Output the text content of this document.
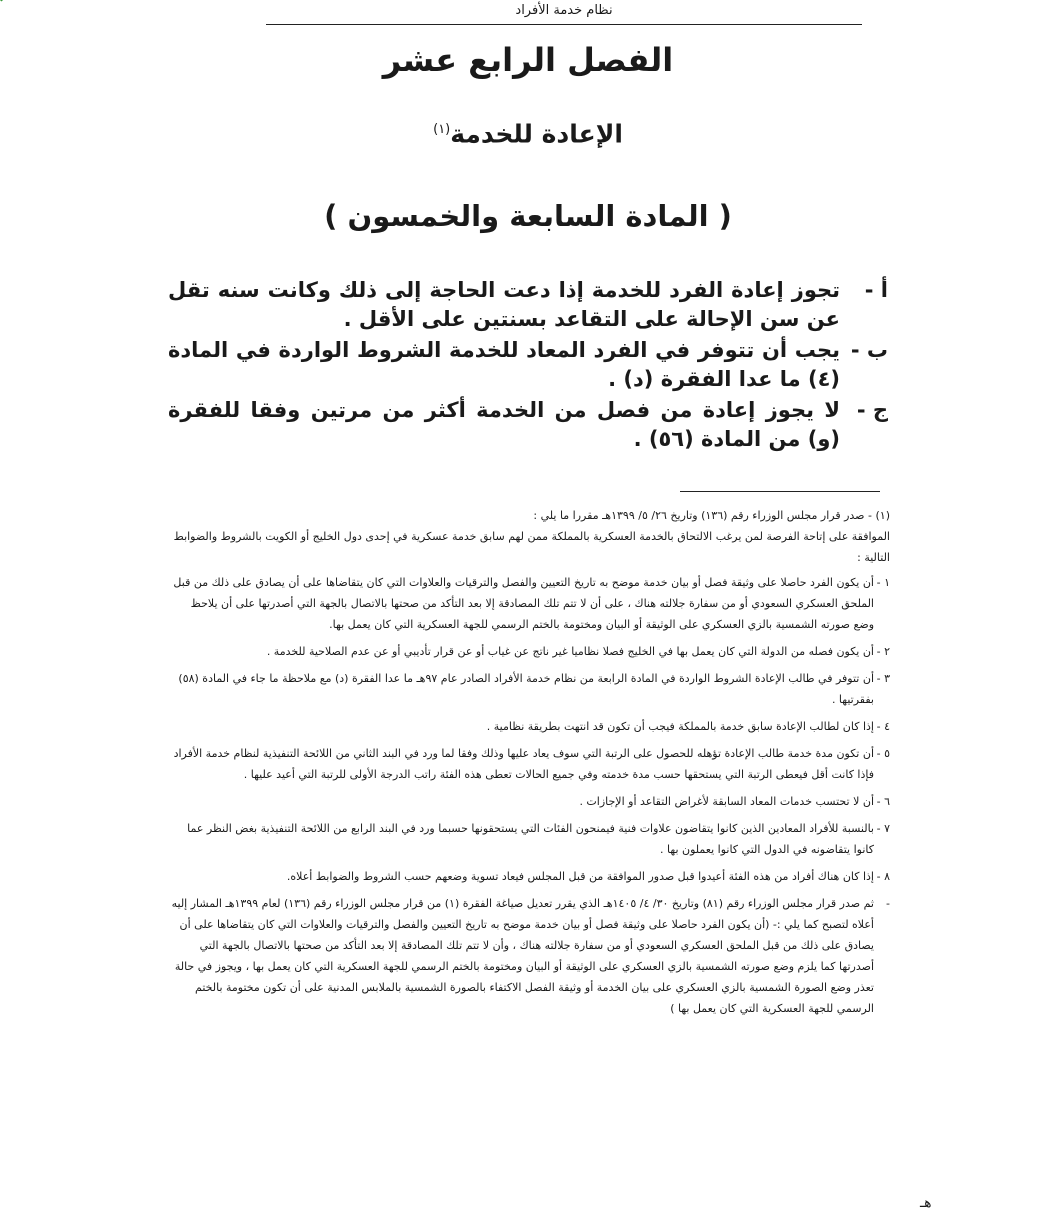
نظام خدمة الأفراد
الفصل الرابع عشر
الإعادة للخدمة$^{(١)}$
( المادة السابعة والخمسون )

أ -
تجوز إعادة الفرد للخدمة إذا دعت الحاجة إلى ذلك وكانت سنه تقل عن سن الإحالة على التقاعد بسنتين على الأقل .

ب -
يجب أن تتوفر في الفرد المعاد للخدمة الشروط الواردة في المادة (٤) ما عدا الفقرة (د) .

ج -
لا يجوز إعادة من فصل من الخدمة أكثر من مرتين وفقا للفقرة (و) من المادة (٥٦) .

(١) - صدر قرار مجلس الوزراء رقم (١٣٦) وتاريخ ٢٦/ ٥/ ١٣٩٩هـ مقررا ما يلي :

الموافقة على إتاحة الفرصة لمن يرغب الالتحاق بالخدمة العسكرية بالمملكة ممن لهم سابق خدمة عسكرية في إحدى دول الخليج أو الكويت بالشروط والضوابط التالية :

١ -
أن يكون الفرد حاصلا على وثيقة فصل أو بيان خدمة موضح به تاريخ التعيين والفصل والترقيات والعلاوات التي كان يتقاضاها على أن يصادق على ذلك من قبل الملحق العسكري السعودي أو من سفارة جلالته هناك ، على أن لا تتم تلك المصادقة إلا بعد التأكد من صحتها بالاتصال بالجهة التي أصدرتها على أن يلاحظ وضع صورته الشمسية بالزي العسكري على الوثيقة أو البيان ومختومة بالختم الرسمي للجهة العسكرية التي كان يعمل بها.

٢ -
أن يكون فصله من الدولة التي كان يعمل بها في الخليج فصلا نظاميا غير ناتج عن غياب أو عن قرار تأديبي أو عن عدم الصلاحية للخدمة .

٣ -
أن تتوفر في طالب الإعادة الشروط الواردة في المادة الرابعة من نظام خدمة الأفراد الصادر عام ٩٧هـ ما عدا الفقرة (د) مع ملاحظة ما جاء في المادة (٥٨) بفقرتيها .

٤ -
إذا كان لطالب الإعادة سابق خدمة بالمملكة فيجب أن تكون قد انتهت بطريقة نظامية .

٥ -
أن تكون مدة خدمة طالب الإعادة تؤهله للحصول على الرتبة التي سوف يعاد عليها وذلك وفقا لما ورد في البند الثاني من اللائحة التنفيذية لنظام خدمة الأفراد فإذا كانت أقل فيعطى الرتبة التي يستحقها حسب مدة خدمته وفي جميع الحالات تعطى هذه الفئة راتب الدرجة الأولى للرتبة التي أعيد عليها .

٦ -
أن لا تحتسب خدمات المعاد السابقة لأغراض التقاعد أو الإجازات .

٧ -
بالنسبة للأفراد المعادين الذين كانوا يتقاضون علاوات فنية فيمنحون الفئات التي يستحقونها حسبما ورد في البند الرابع من اللائحة التنفيذية بغض النظر عما كانوا يتقاضونه في الدول التي كانوا يعملون بها .

٨ -
إذا كان هناك أفراد من هذه الفئة أعيدوا قبل صدور الموافقة من قبل المجلس فيعاد تسوية وضعهم حسب الشروط والضوابط أعلاه.

-
ثم صدر قرار مجلس الوزراء رقم (٨١) وتاريخ ٣٠/ ٤/ ١٤٠٥هـ الذي يقرر تعديل صياغة الفقرة (١) من قرار مجلس الوزراء رقم (١٣٦) لعام ١٣٩٩هـ المشار إليه أعلاه لتصبح كما يلي :- (أن يكون الفرد حاصلا على وثيقة فصل أو بيان خدمة موضح به تاريخ التعيين والفصل والترقيات والعلاوات التي كان يتقاضاها على أن يصادق على ذلك من قبل الملحق العسكري السعودي أو من سفارة جلالته هناك ، وأن لا تتم تلك المصادقة إلا بعد التأكد من صحتها بالاتصال بالجهة التي أصدرتها كما يلزم وضع صورته الشمسية بالزي العسكري على الوثيقة أو البيان ومختومة بالختم الرسمي للجهة العسكرية التي كان يعمل بها ، ويجوز في حالة تعذر وضع الصورة الشمسية بالزي العسكري على بيان الخدمة أو وثيقة الفصل الاكتفاء بالصورة الشمسية بالملابس المدنية على أن تكون مختومة بالختم الرسمي للجهة العسكرية التي كان يعمل بها )

هـ
